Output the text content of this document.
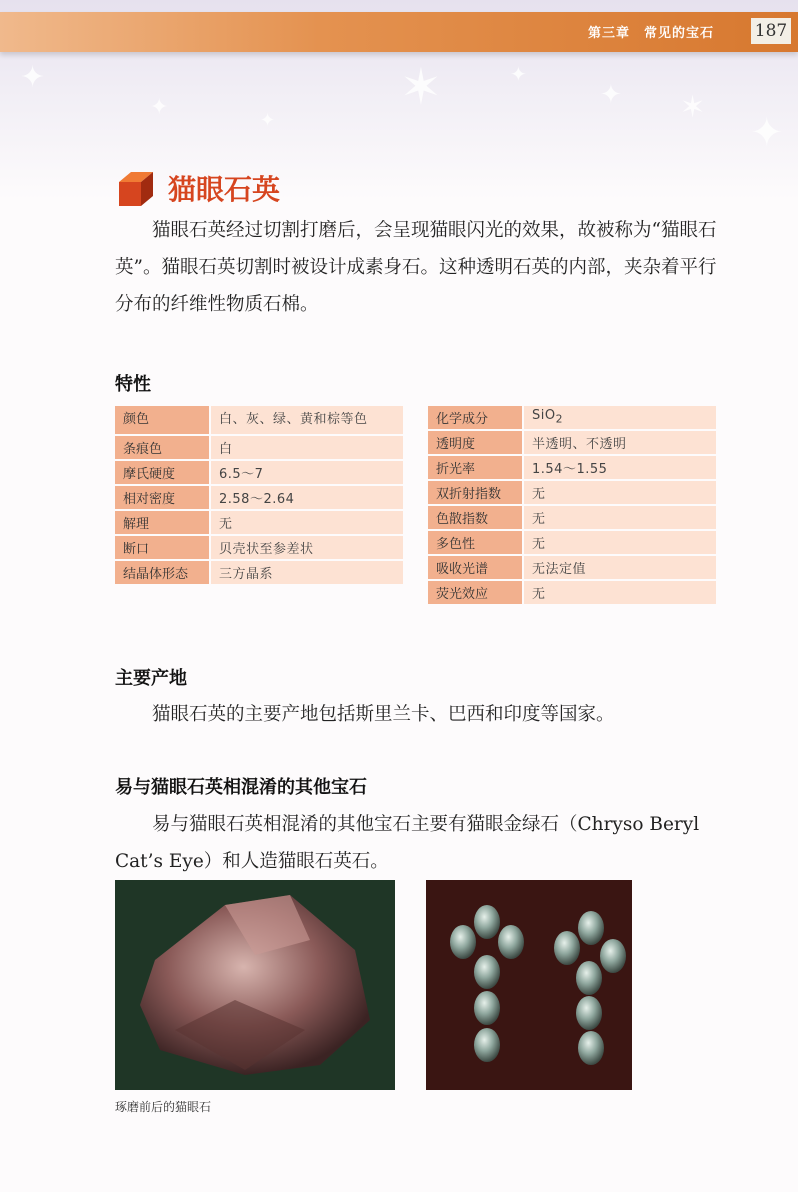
✦
✦
✦
✶	✦
✦ ✶
✦
第三章　常见的宝石 187
猫眼石英

猫眼石英经过切割打磨后，会呈现猫眼闪光的效果，故被称为“猫眼石英”。猫眼石英切割时被设计成素身石。这种透明石英的内部，夹杂着平行分布的纤维性物质石棉。

特性
颜色	白、灰、绿、黄和棕等色
条痕色	白
摩氏硬度	6.5～7
相对密度	2.58～2.64
解理	无
断口	贝壳状至参差状
结晶体形态	三方晶系
化学成分	SiO$_2$
透明度	半透明、不透明
折光率	1.54～1.55
双折射指数	无
色散指数	无
多色性	无
吸收光谱	无法定值
荧光效应	无
主要产地

猫眼石英的主要产地包括斯里兰卡、巴西和印度等国家。

易与猫眼石英相混淆的其他宝石

易与猫眼石英相混淆的其他宝石主要有猫眼金绿石（Chryso Beryl Cat’s Eye）和人造猫眼石英石。

琢磨前后的猫眼石
